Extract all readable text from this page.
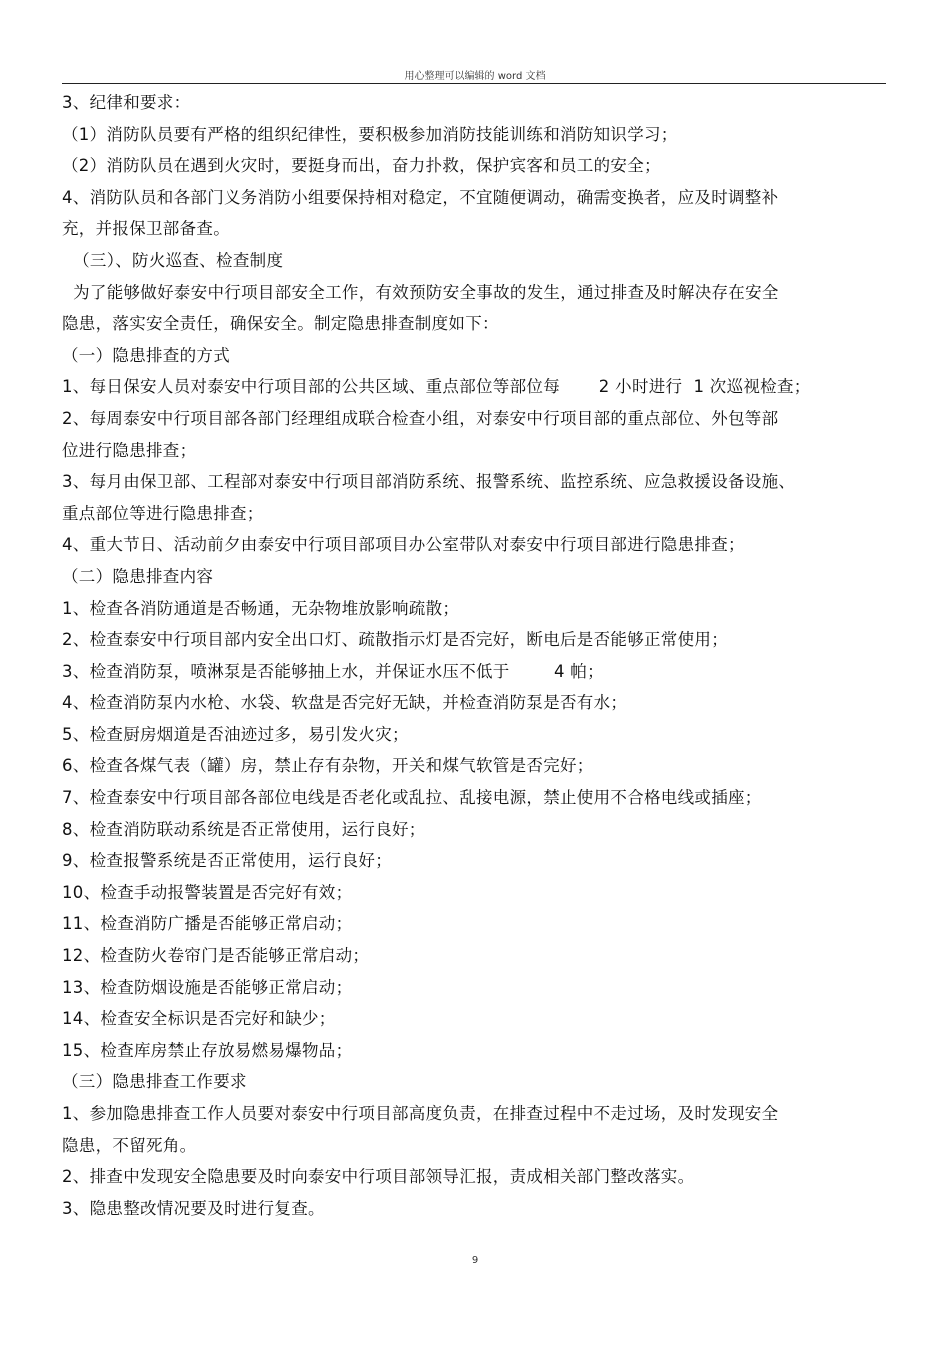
用心整理可以编辑的 word 文档

3、纪律和要求：

（1）消防队员要有严格的组织纪律性，要积极参加消防技能训练和消防知识学习；

（2）消防队员在遇到火灾时，要挺身而出，奋力扑救，保护宾客和员工的安全；

4、消防队员和各部门义务消防小组要保持相对稳定，不宜随便调动，确需变换者，应及时调整补

充，并报保卫部备查。

（三）、防火巡查、检查制度

为了能够做好泰安中行项目部安全工作，有效预防安全事故的发生，通过排查及时解决存在安全

隐患，落实安全责任，确保安全。制定隐患排查制度如下：

（一）隐患排查的方式

1、每日保安人员对泰安中行项目部的公共区域、重点部位等部位每       2 小时进行  1 次巡视检查；

2、每周泰安中行项目部各部门经理组成联合检查小组，对泰安中行项目部的重点部位、外包等部

位进行隐患排查；

3、每月由保卫部、工程部对泰安中行项目部消防系统、报警系统、监控系统、应急救援设备设施、

重点部位等进行隐患排查；

4、重大节日、活动前夕由泰安中行项目部项目办公室带队对泰安中行项目部进行隐患排查；

（二）隐患排查内容

1、检查各消防通道是否畅通，无杂物堆放影响疏散；

2、检查泰安中行项目部内安全出口灯、疏散指示灯是否完好，断电后是否能够正常使用；

3、检查消防泵，喷淋泵是否能够抽上水，并保证水压不低于        4 帕；

4、检查消防泵内水枪、水袋、软盘是否完好无缺，并检查消防泵是否有水；

5、检查厨房烟道是否油迹过多，易引发火灾；

6、检查各煤气表（罐）房，禁止存有杂物，开关和煤气软管是否完好；

7、检查泰安中行项目部各部位电线是否老化或乱拉、乱接电源，禁止使用不合格电线或插座；

8、检查消防联动系统是否正常使用，运行良好；

9、检查报警系统是否正常使用，运行良好；

10、检查手动报警装置是否完好有效；

11、检查消防广播是否能够正常启动；

12、检查防火卷帘门是否能够正常启动；

13、检查防烟设施是否能够正常启动；

14、检查安全标识是否完好和缺少；

15、检查库房禁止存放易燃易爆物品；

（三）隐患排查工作要求

1、参加隐患排查工作人员要对泰安中行项目部高度负责，在排查过程中不走过场，及时发现安全

隐患，不留死角。

2、排查中发现安全隐患要及时向泰安中行项目部领导汇报，责成相关部门整改落实。

3、隐患整改情况要及时进行复查。

9
